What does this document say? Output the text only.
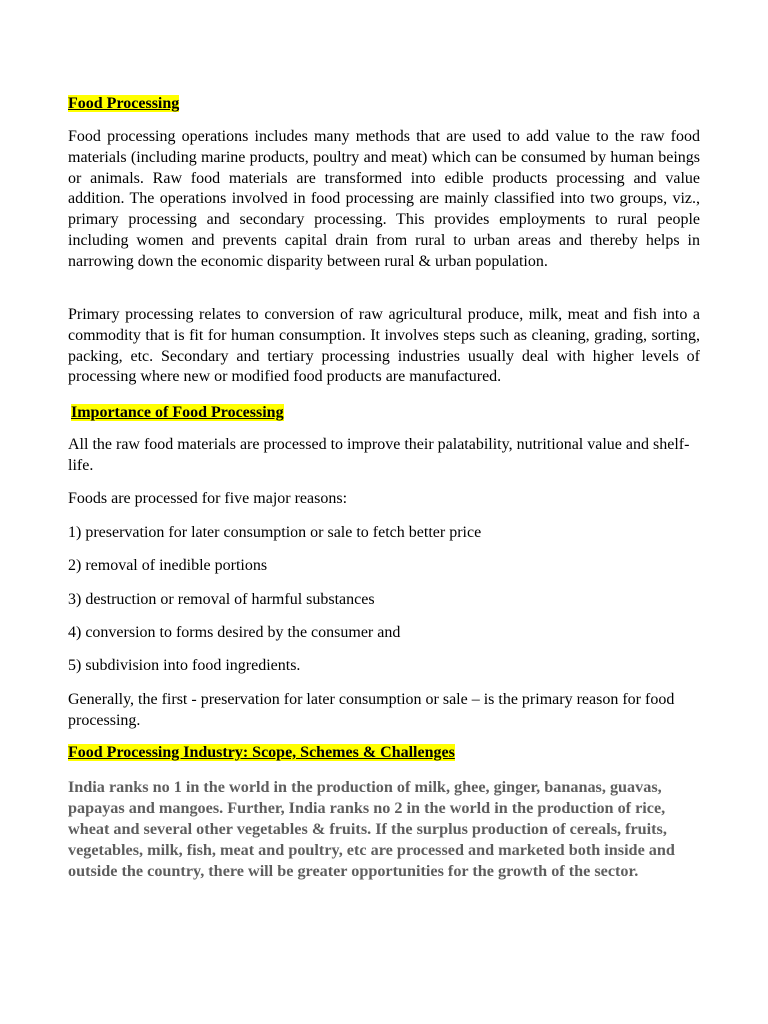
Food Processing

Food processing operations includes many methods that are used to add value to the raw food materials (including marine products, poultry and meat) which can be consumed by human beings or animals. Raw food materials are transformed into edible products processing and value addition. The operations involved in food processing are mainly classified into two groups, viz., primary processing and secondary processing. This provides employments to rural people including women and prevents capital drain from rural to urban areas and thereby helps in narrowing down the economic disparity between rural & urban population.

Primary processing relates to conversion of raw agricultural produce, milk, meat and fish into a commodity that is fit for human consumption. It involves steps such as cleaning, grading, sorting, packing, etc. Secondary and tertiary processing industries usually deal with higher levels of processing where new or modified food products are manufactured.

Importance of Food Processing

All the raw food materials are processed to improve their palatability, nutritional value and shelf-life.

Foods are processed for five major reasons:
1) preservation for later consumption or sale to fetch better price
2) removal of inedible portions
3) destruction or removal of harmful substances
4) conversion to forms desired by the consumer and
5) subdivision into food ingredients.

Generally, the first - preservation for later consumption or sale – is the primary reason for food processing.

Food Processing Industry: Scope, Schemes & Challenges

India ranks no 1 in the world in the production of milk, ghee, ginger, bananas, guavas, papayas and mangoes. Further, India ranks no 2 in the world in the production of rice, wheat and several other vegetables & fruits. If the surplus production of cereals, fruits, vegetables, milk, fish, meat and poultry, etc are processed and marketed both inside and outside the country, there will be greater opportunities for the growth of the sector.
